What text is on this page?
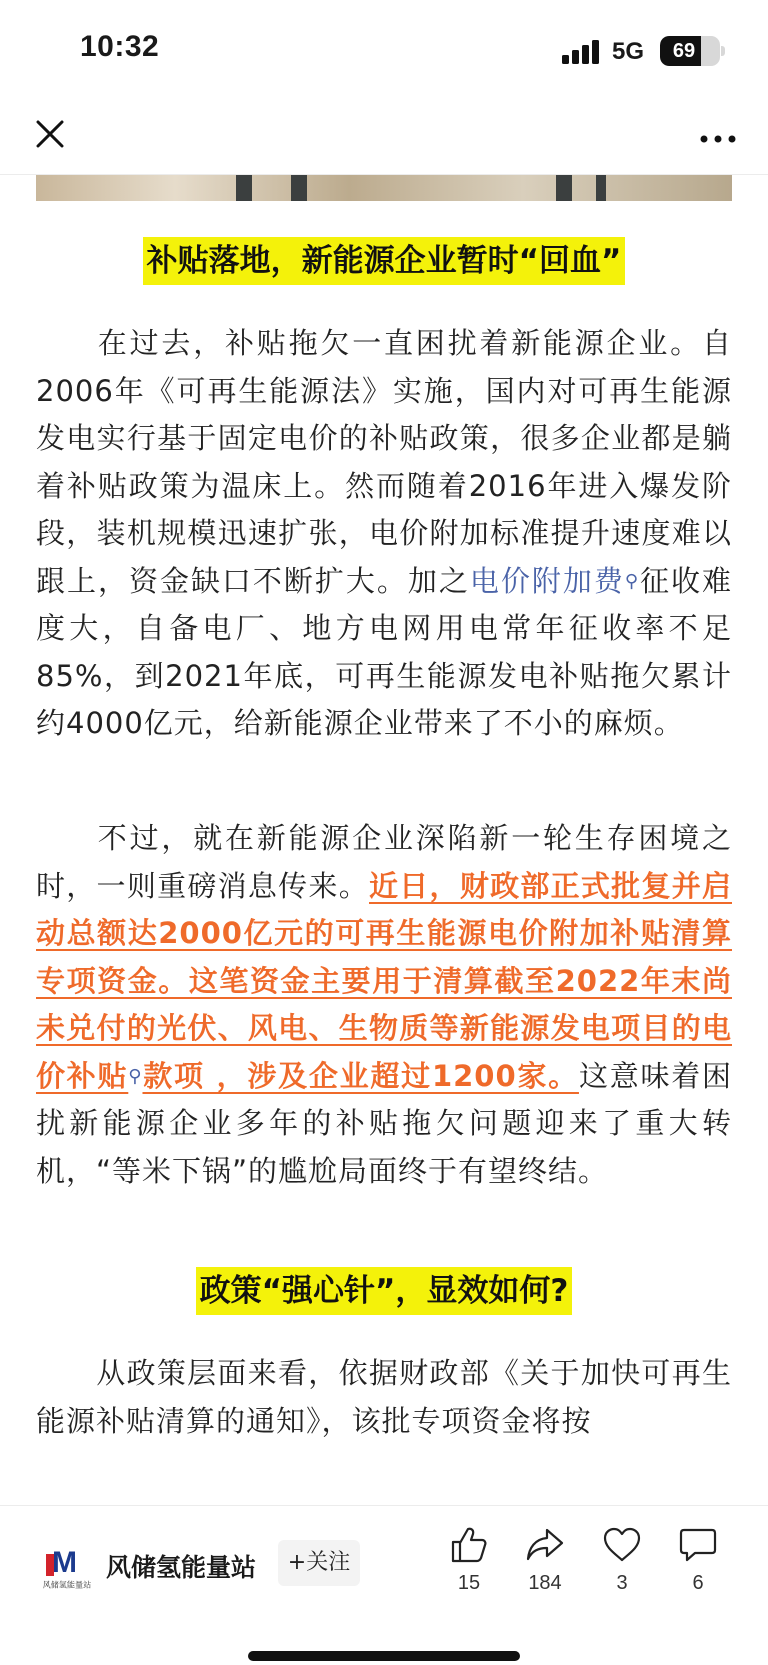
10:32	5G	69
补贴落地，新能源企业暂时“回血”

在过去，补贴拖欠一直困扰着新能源企业。自2006年《可再生能源法》实施，国内对可再生能源发电实行基于固定电价的补贴政策，很多企业都是躺着补贴政策为温床上。然而随着2016年进入爆发阶段，装机规模迅速扩张，电价附加标准提升速度难以跟上，资金缺口不断扩大。加之电价附加费⚲征收难度大，自备电厂、地方电网用电常年征收率不足85%，到2021年底，可再生能源发电补贴拖欠累计约4000亿元，给新能源企业带来了不小的麻烦。

不过，就在新能源企业深陷新一轮生存困境之时，一则重磅消息传来。近日，财政部正式批复并启动总额达2000亿元的可再生能源电价附加补贴清算专项资金。这笔资金主要用于清算截至2022年末尚未兑付的光伏、风电、生物质等新能源发电项目的电价补贴⚲款项 ，涉及企业超过1200家。这意味着困扰新能源企业多年的补贴拖欠问题迎来了重大转机，“等米下锅”的尴尬局面终于有望终结。

政策“强心针”，显效如何?

从政策层面来看，依据财政部《关于加快可再生能源补贴清算的通知》，该批专项资金将按

M
风储氢能量站
风储氢能量站	+关注
15	184	3	6
